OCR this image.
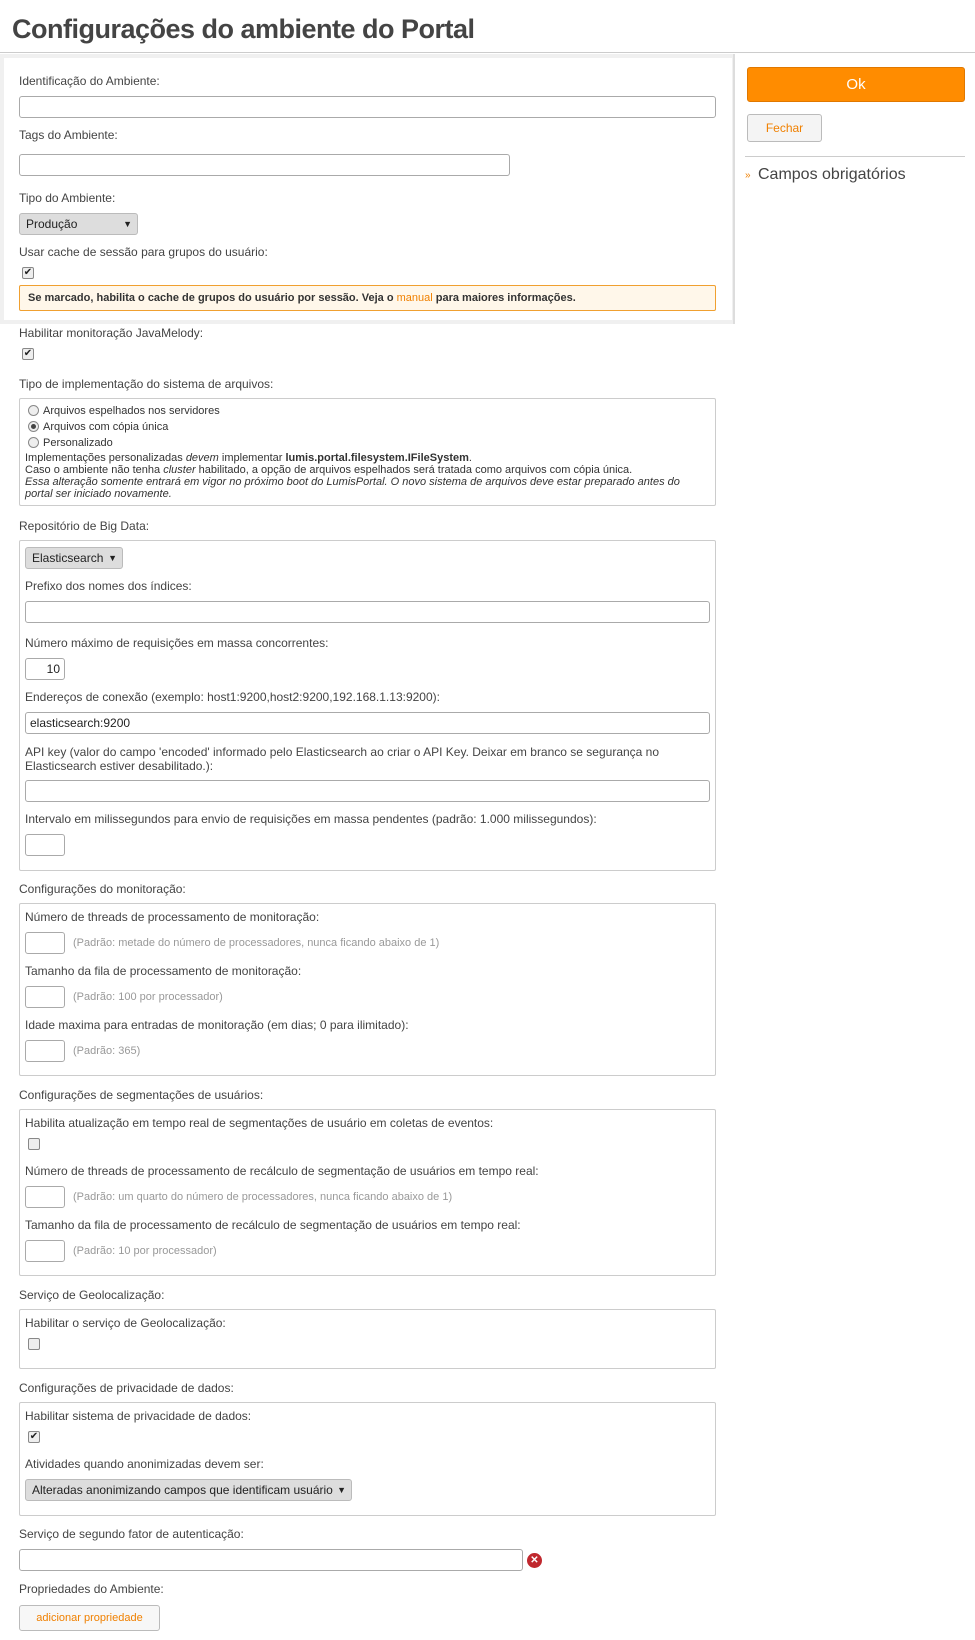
Configurações do ambiente do Portal
Identificação do Ambiente:
Tags do Ambiente:
Tipo do Ambiente:
Produção	▼
Usar cache de sessão para grupos do usuário:
✔
Se marcado, habilita o cache de grupos do usuário por sessão. Veja o manual para maiores informações.
Habilitar monitoração JavaMelody:
✔
Tipo de implementação do sistema de arquivos:
Arquivos espelhados nos servidores
Arquivos com cópia única
Personalizado
Implementações personalizadas devem implementar lumis.portal.filesystem.IFileSystem.
Caso o ambiente não tenha cluster habilitado, a opção de arquivos espelhados será tratada como arquivos com cópia única.
Essa alteração somente entrará em vigor no próximo boot do LumisPortal. O novo sistema de arquivos deve estar preparado antes do
portal ser iniciado novamente.
Repositório de Big Data:
Elasticsearch ▼
Prefixo dos nomes dos índices:
Número máximo de requisições em massa concorrentes:
10
Endereços de conexão (exemplo: host1:9200,host2:9200,192.168.1.13:9200):
elasticsearch:9200
API key (valor do campo 'encoded' informado pelo Elasticsearch ao criar o API Key. Deixar em branco se segurança no
Elasticsearch estiver desabilitado.):
Intervalo em milissegundos para envio de requisições em massa pendentes (padrão: 1.000 milissegundos):
Configurações do monitoração:
Número de threads de processamento de monitoração:
(Padrão: metade do número de processadores, nunca ficando abaixo de 1)
Tamanho da fila de processamento de monitoração:
(Padrão: 100 por processador)
Idade maxima para entradas de monitoração (em dias; 0 para ilimitado):
(Padrão: 365)
Configurações de segmentações de usuários:
Habilita atualização em tempo real de segmentações de usuário em coletas de eventos:
Número de threads de processamento de recálculo de segmentação de usuários em tempo real:
(Padrão: um quarto do número de processadores, nunca ficando abaixo de 1)
Tamanho da fila de processamento de recálculo de segmentação de usuários em tempo real:
(Padrão: 10 por processador)
Serviço de Geolocalização:
Habilitar o serviço de Geolocalização:
Configurações de privacidade de dados:
Habilitar sistema de privacidade de dados:
✔
Atividades quando anonimizadas devem ser:
Alteradas anonimizando campos que identificam usuário ▼
Serviço de segundo fator de autenticação:
✕
Propriedades do Ambiente:
adicionar propriedade
Ok
Fechar
» Campos obrigatórios
